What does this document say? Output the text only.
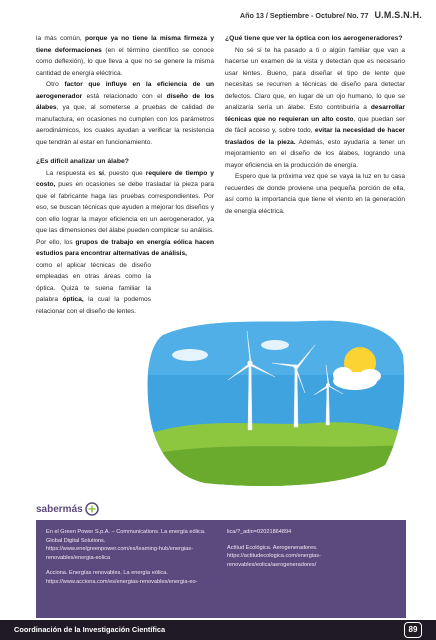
Año 13 / Septiembre - Octubre/ No. 77 U.M.S.N.H.

la más común, porque ya no tiene la misma firmeza y tiene deformaciones (en el término científico se conoce como deflexión), lo que lleva a que no se genere la misma cantidad de energía eléctrica.

Otro factor que influye en la eficiencia de un aerogenerador está relacionado con el diseño de los álabes, ya que, al someterse a pruebas de calidad de manufactura, en ocasiones no cumplen con los parámetros aerodinámicos, los cuales ayudan a verificar la resistencia que tendrán al estar en funcionamiento.

¿Es difícil analizar un álabe?

La respuesta es sí, puesto que requiere de tiempo y costo, pues en ocasiones se debe trasladar la pieza para que el fabricante haga las pruebas correspondientes. Por eso, se buscan técnicas que ayuden a mejorar los diseños y con ello lograr la mayor eficiencia en un aerogenerador, ya que las dimensiones del álabe pueden complicar su análisis. Por ello, los grupos de trabajo en energía eólica hacen estudios para encontrar alternativas de análisis,

como el aplicar técnicas de diseño empleadas en otras áreas como la óptica. Quizá te suena familiar la palabra óptica, la cual la podemos relacionar con el diseño de lentes.

¿Qué tiene que ver la óptica con los aerogeneradores?

No sé si te ha pasado a ti o algún familiar que van a hacerse un examen de la vista y detectan que es necesario usar lentes. Bueno, para diseñar el tipo de lente que necesitas se recurren a técnicas de diseño para detectar defectos. Claro que, en lugar de un ojo humano, lo que se analizaría sería un álabe. Esto contribuiría a desarrollar técnicas que no requieran un alto costo, que puedan ser de fácil acceso y, sobre todo, evitar la necesidad de hacer traslados de la pieza. Además, esto ayudaría a tener un mejoramiento en el diseño de los álabes, logrando una mayor eficiencia en la producción de energía.

Espero que la próxima vez que se vaya la luz en tu casa recuerdes de donde proviene una pequeña porción de ella, así como la importancia que tiene el viento en la generación de energía eléctrica.

sabermás

En el Green Power S.p.A. – Communications. La energía eólica. Global Digital Solutions. https://www.enelgreenpower.com/es/learning-hub/energias-renovables/energia-eolica

Acciona. Energías renovables. La energía eólica. https://www.acciona.com/es/energias-renovables/energia-eo-

lica/?_adin=02021864894

Actitud Ecológica. Aerogeneradores. https://actitudecologica.com/energias-renovables/eolica/aerogeneradores/

Coordinación de la Investigación Científica	89
